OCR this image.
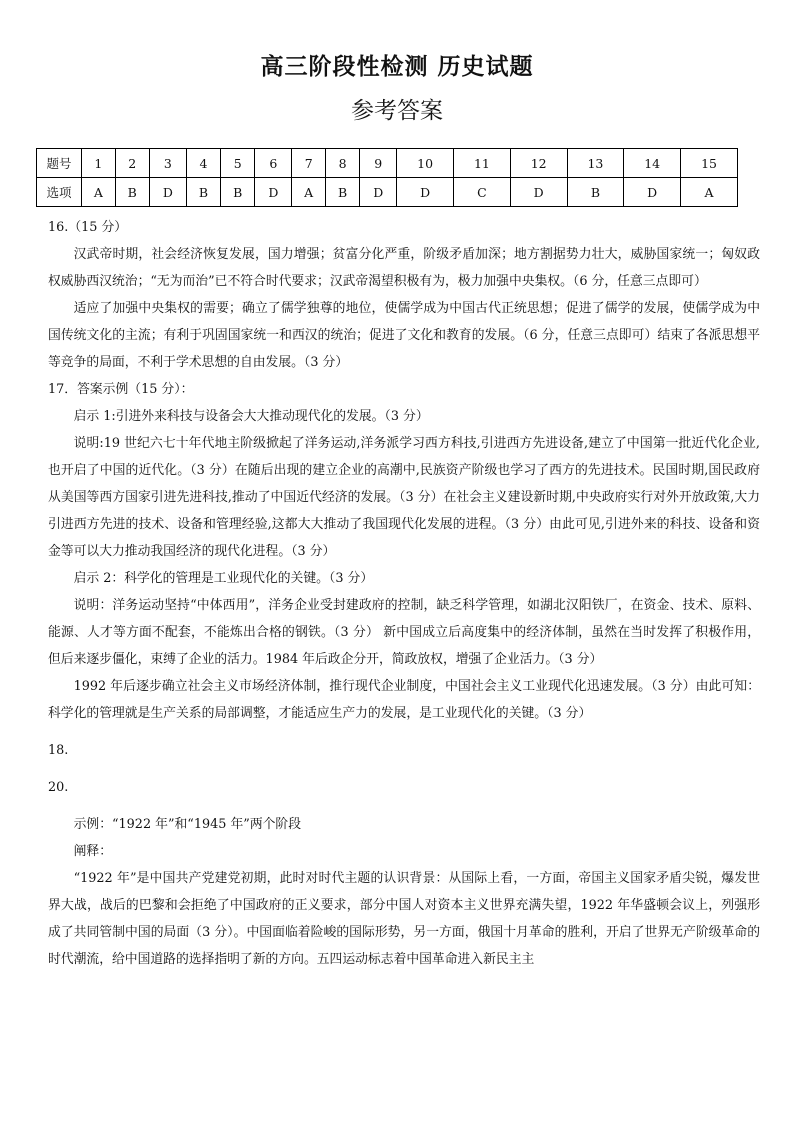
高三阶段性检测 历史试题
参考答案
题号	1	2	3	4	5	6	7	8	9	10	11	12	13	14	15
选项	A	B	D	B	B	D	A	B	D	D	C	D	B	D	A

16.（15 分）

汉武帝时期，社会经济恢复发展，国力增强；贫富分化严重，阶级矛盾加深；地方割据势力壮大，威胁国家统一；匈奴政权威胁西汉统治；“无为而治”已不符合时代要求；汉武帝渴望积极有为，极力加强中央集权。（6 分，任意三点即可）

适应了加强中央集权的需要；确立了儒学独尊的地位，使儒学成为中国古代正统思想；促进了儒学的发展，使儒学成为中国传统文化的主流；有利于巩固国家统一和西汉的统治；促进了文化和教育的发展。（6 分，任意三点即可）结束了各派思想平等竞争的局面，不利于学术思想的自由发展。（3 分）

17．答案示例（15 分）：

启示 1:引进外来科技与设备会大大推动现代化的发展。（3 分）

说明:19 世纪六七十年代地主阶级掀起了洋务运动,洋务派学习西方科技,引进西方先进设备,建立了中国第一批近代化企业,也开启了中国的近代化。（3 分）在随后出现的建立企业的高潮中,民族资产阶级也学习了西方的先进技术。民国时期,国民政府从美国等西方国家引进先进科技,推动了中国近代经济的发展。（3 分）在社会主义建设新时期,中央政府实行对外开放政策,大力引进西方先进的技术、设备和管理经验,这都大大推动了我国现代化发展的进程。（3 分）由此可见,引进外来的科技、设备和资金等可以大力推动我国经济的现代化进程。（3 分）

启示 2：科学化的管理是工业现代化的关键。（3 分）

说明：洋务运动坚持“中体西用”，洋务企业受封建政府的控制，缺乏科学管理，如湖北汉阳铁厂，在资金、技术、原料、能源、人才等方面不配套，不能炼出合格的钢铁。（3 分） 新中国成立后高度集中的经济体制，虽然在当时发挥了积极作用，但后来逐步僵化，束缚了企业的活力。1984 年后政企分开，简政放权，增强了企业活力。（3 分）

1992 年后逐步确立社会主义市场经济体制，推行现代企业制度，中国社会主义工业现代化迅速发展。（3 分）由此可知：科学化的管理就是生产关系的局部调整，才能适应生产力的发展，是工业现代化的关键。（3 分）

18.

20.

示例：“1922 年”和“1945 年”两个阶段

阐释：

“1922 年”是中国共产党建党初期，此时对时代主题的认识背景：从国际上看，一方面，帝国主义国家矛盾尖锐，爆发世界大战，战后的巴黎和会拒绝了中国政府的正义要求，部分中国人对资本主义世界充满失望，1922 年华盛顿会议上，列强形成了共同管制中国的局面（3 分）。中国面临着险峻的国际形势，另一方面，俄国十月革命的胜利，开启了世界无产阶级革命的时代潮流，给中国道路的选择指明了新的方向。五四运动标志着中国革命进入新民主主
